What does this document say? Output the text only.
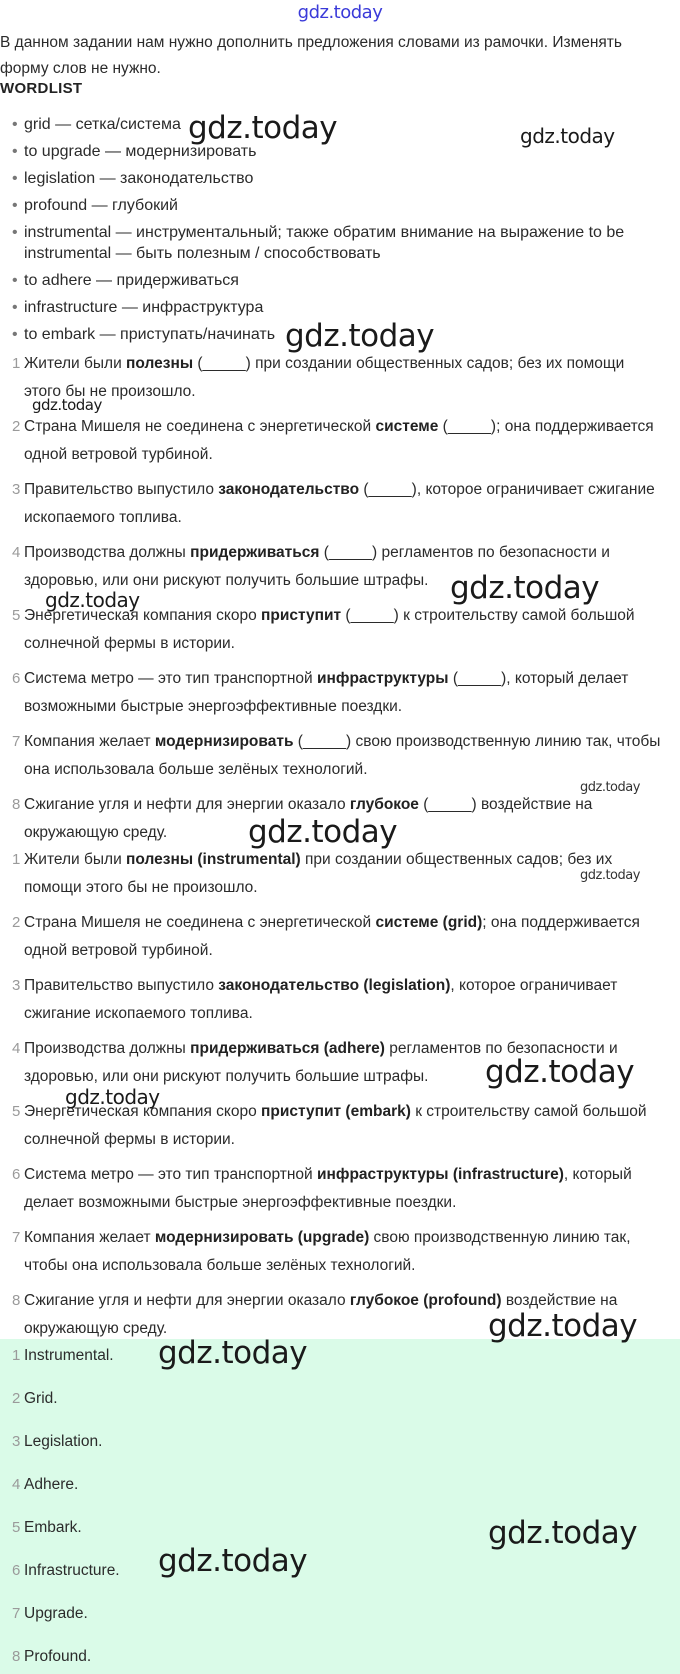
gdz.today
В данном задании нам нужно дополнить предложения словами из рамочки. Изменять форму слов не нужно.
WORDLIST
• grid — сетка/система
• to upgrade — модернизировать
• legislation — законодательство
• profound — глубокий
• instrumental — инструментальный; также обратим внимание на выражение to be instrumental — быть полезным / способствовать
• to adhere — придерживаться
• infrastructure — инфраструктура
• to embark — приступать/начинать
1 Жители были полезны (_____) при создании общественных садов; без их помощи этого бы не произошло.
2 Страна Мишеля не соединена с энергетической системе (_____); она поддерживается одной ветровой турбиной.
3 Правительство выпустило законодательство (_____), которое ограничивает сжигание ископаемого топлива.
4 Производства должны придерживаться (_____) регламентов по безопасности и здоровью, или они рискуют получить большие штрафы.
5 Энергетическая компания скоро приступит (_____) к строительству самой большой солнечной фермы в истории.
6 Система метро — это тип транспортной инфраструктуры (_____), который делает возможными быстрые энергоэффективные поездки.
7 Компания желает модернизировать (_____) свою производственную линию так, чтобы она использовала больше зелёных технологий.
8 Сжигание угля и нефти для энергии оказало глубокое (_____) воздействие на окружающую среду.
1 Жители были полезны (instrumental) при создании общественных садов; без их помощи этого бы не произошло.
2 Страна Мишеля не соединена с энергетической системе (grid); она поддерживается одной ветровой турбиной.
3 Правительство выпустило законодательство (legislation), которое ограничивает сжигание ископаемого топлива.
4 Производства должны придерживаться (adhere) регламентов по безопасности и здоровью, или они рискуют получить большие штрафы.
5 Энергетическая компания скоро приступит (embark) к строительству самой большой солнечной фермы в истории.
6 Система метро — это тип транспортной инфраструктуры (infrastructure), который делает возможными быстрые энергоэффективные поездки.
7 Компания желает модернизировать (upgrade) свою производственную линию так, чтобы она использовала больше зелёных технологий.
8 Сжигание угля и нефти для энергии оказало глубокое (profound) воздействие на окружающую среду.
1 Instrumental.
2 Grid.
3 Legislation.
4 Adhere.
5 Embark.
6 Infrastructure.
7 Upgrade.
8 Profound.
gdz.today	gdz.today
gdz.today
gdz.today
gdz.today	gdz.today
gdz.today
gdz.today
gdz.today
gdz.today
gdz.today
gdz.today
gdz.today
gdz.today
gdz.today
